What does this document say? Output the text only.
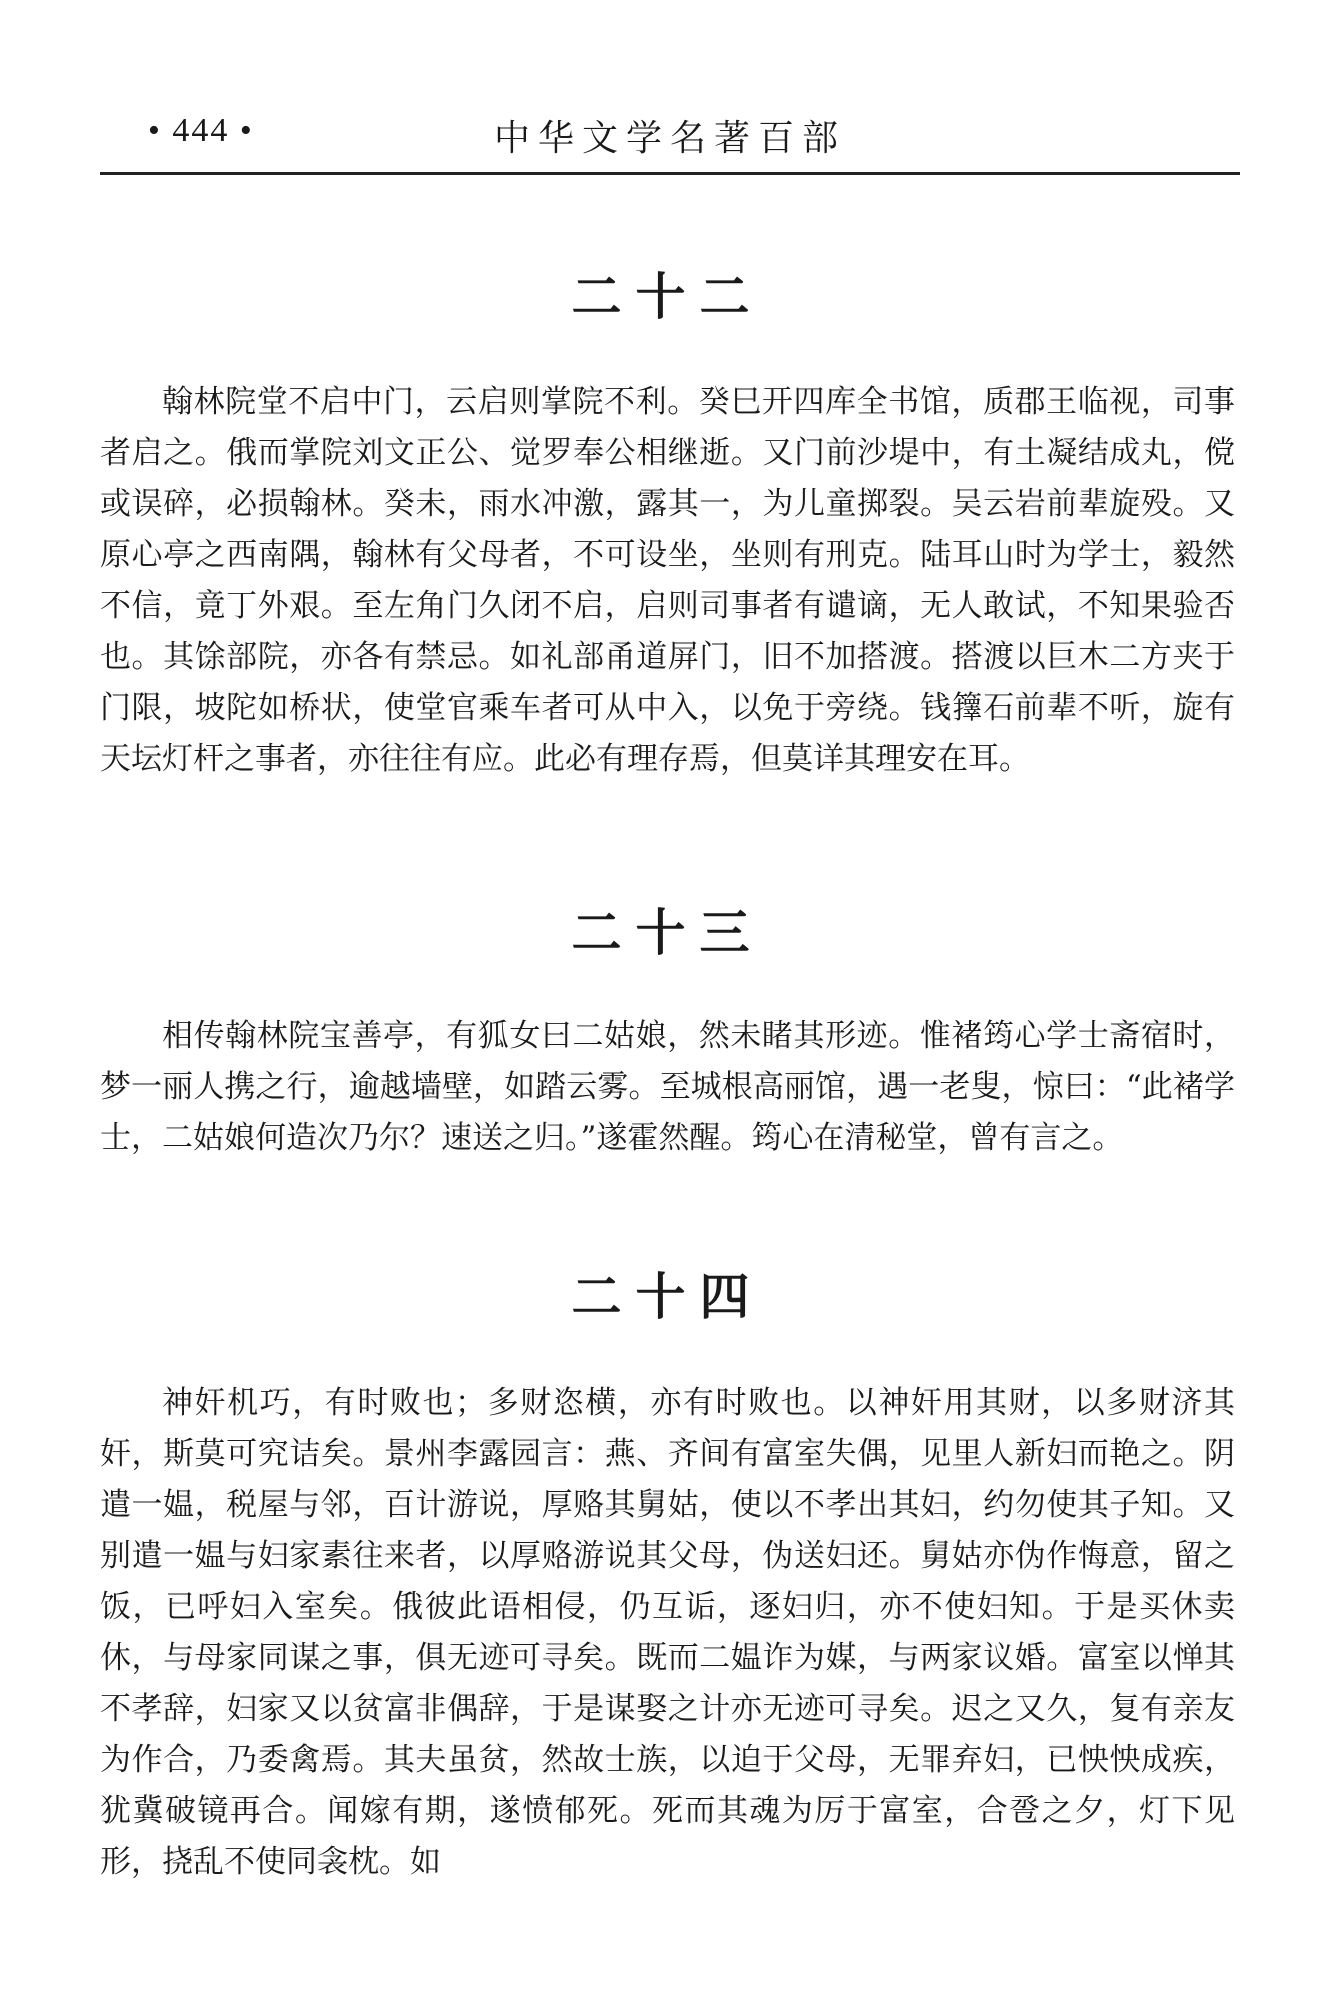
• 444 •	中华文学名著百部
二十二

翰林院堂不启中门，云启则掌院不利。癸巳开四库全书馆，质郡王临视，司事者启之。俄而掌院刘文正公、觉罗奉公相继逝。又门前沙堤中，有土凝结成丸，傥或误碎，必损翰林。癸未，雨水冲激，露其一，为儿童掷裂。吴云岩前辈旋殁。又原心亭之西南隅，翰林有父母者，不可设坐，坐则有刑克。陆耳山时为学士，毅然不信，竟丁外艰。至左角门久闭不启，启则司事者有谴谪，无人敢试，不知果验否也。其馀部院，亦各有禁忌。如礼部甬道屏门，旧不加搭渡。搭渡以巨木二方夹于门限，坡陀如桥状，使堂官乘车者可从中入，以免于旁绕。钱籜石前辈不听，旋有天坛灯杆之事者，亦往往有应。此必有理存焉，但莫详其理安在耳。

二十三

相传翰林院宝善亭，有狐女曰二姑娘，然未睹其形迹。惟褚筠心学士斋宿时，梦一丽人携之行，逾越墙壁，如踏云雾。至城根高丽馆，遇一老叟，惊曰：“此褚学士，二姑娘何造次乃尔？速送之归。”遂霍然醒。筠心在清秘堂，曾有言之。

二十四

神奸机巧，有时败也；多财恣横，亦有时败也。以神奸用其财，以多财济其奸，斯莫可究诘矣。景州李露园言：燕、齐间有富室失偶，见里人新妇而艳之。阴遣一媪，税屋与邻，百计游说，厚赂其舅姑，使以不孝出其妇，约勿使其子知。又别遣一媪与妇家素往来者，以厚赂游说其父母，伪送妇还。舅姑亦伪作悔意，留之饭，已呼妇入室矣。俄彼此语相侵，仍互诟，逐妇归，亦不使妇知。于是买休卖休，与母家同谋之事，俱无迹可寻矣。既而二媪诈为媒，与两家议婚。富室以惮其不孝辞，妇家又以贫富非偶辞，于是谋娶之计亦无迹可寻矣。迟之又久，复有亲友为作合，乃委禽焉。其夫虽贫，然故士族，以迫于父母，无罪弃妇，已怏怏成疾，犹冀破镜再合。闻嫁有期，遂愤郁死。死而其魂为厉于富室，合卺之夕，灯下见形，挠乱不使同衾枕。如
